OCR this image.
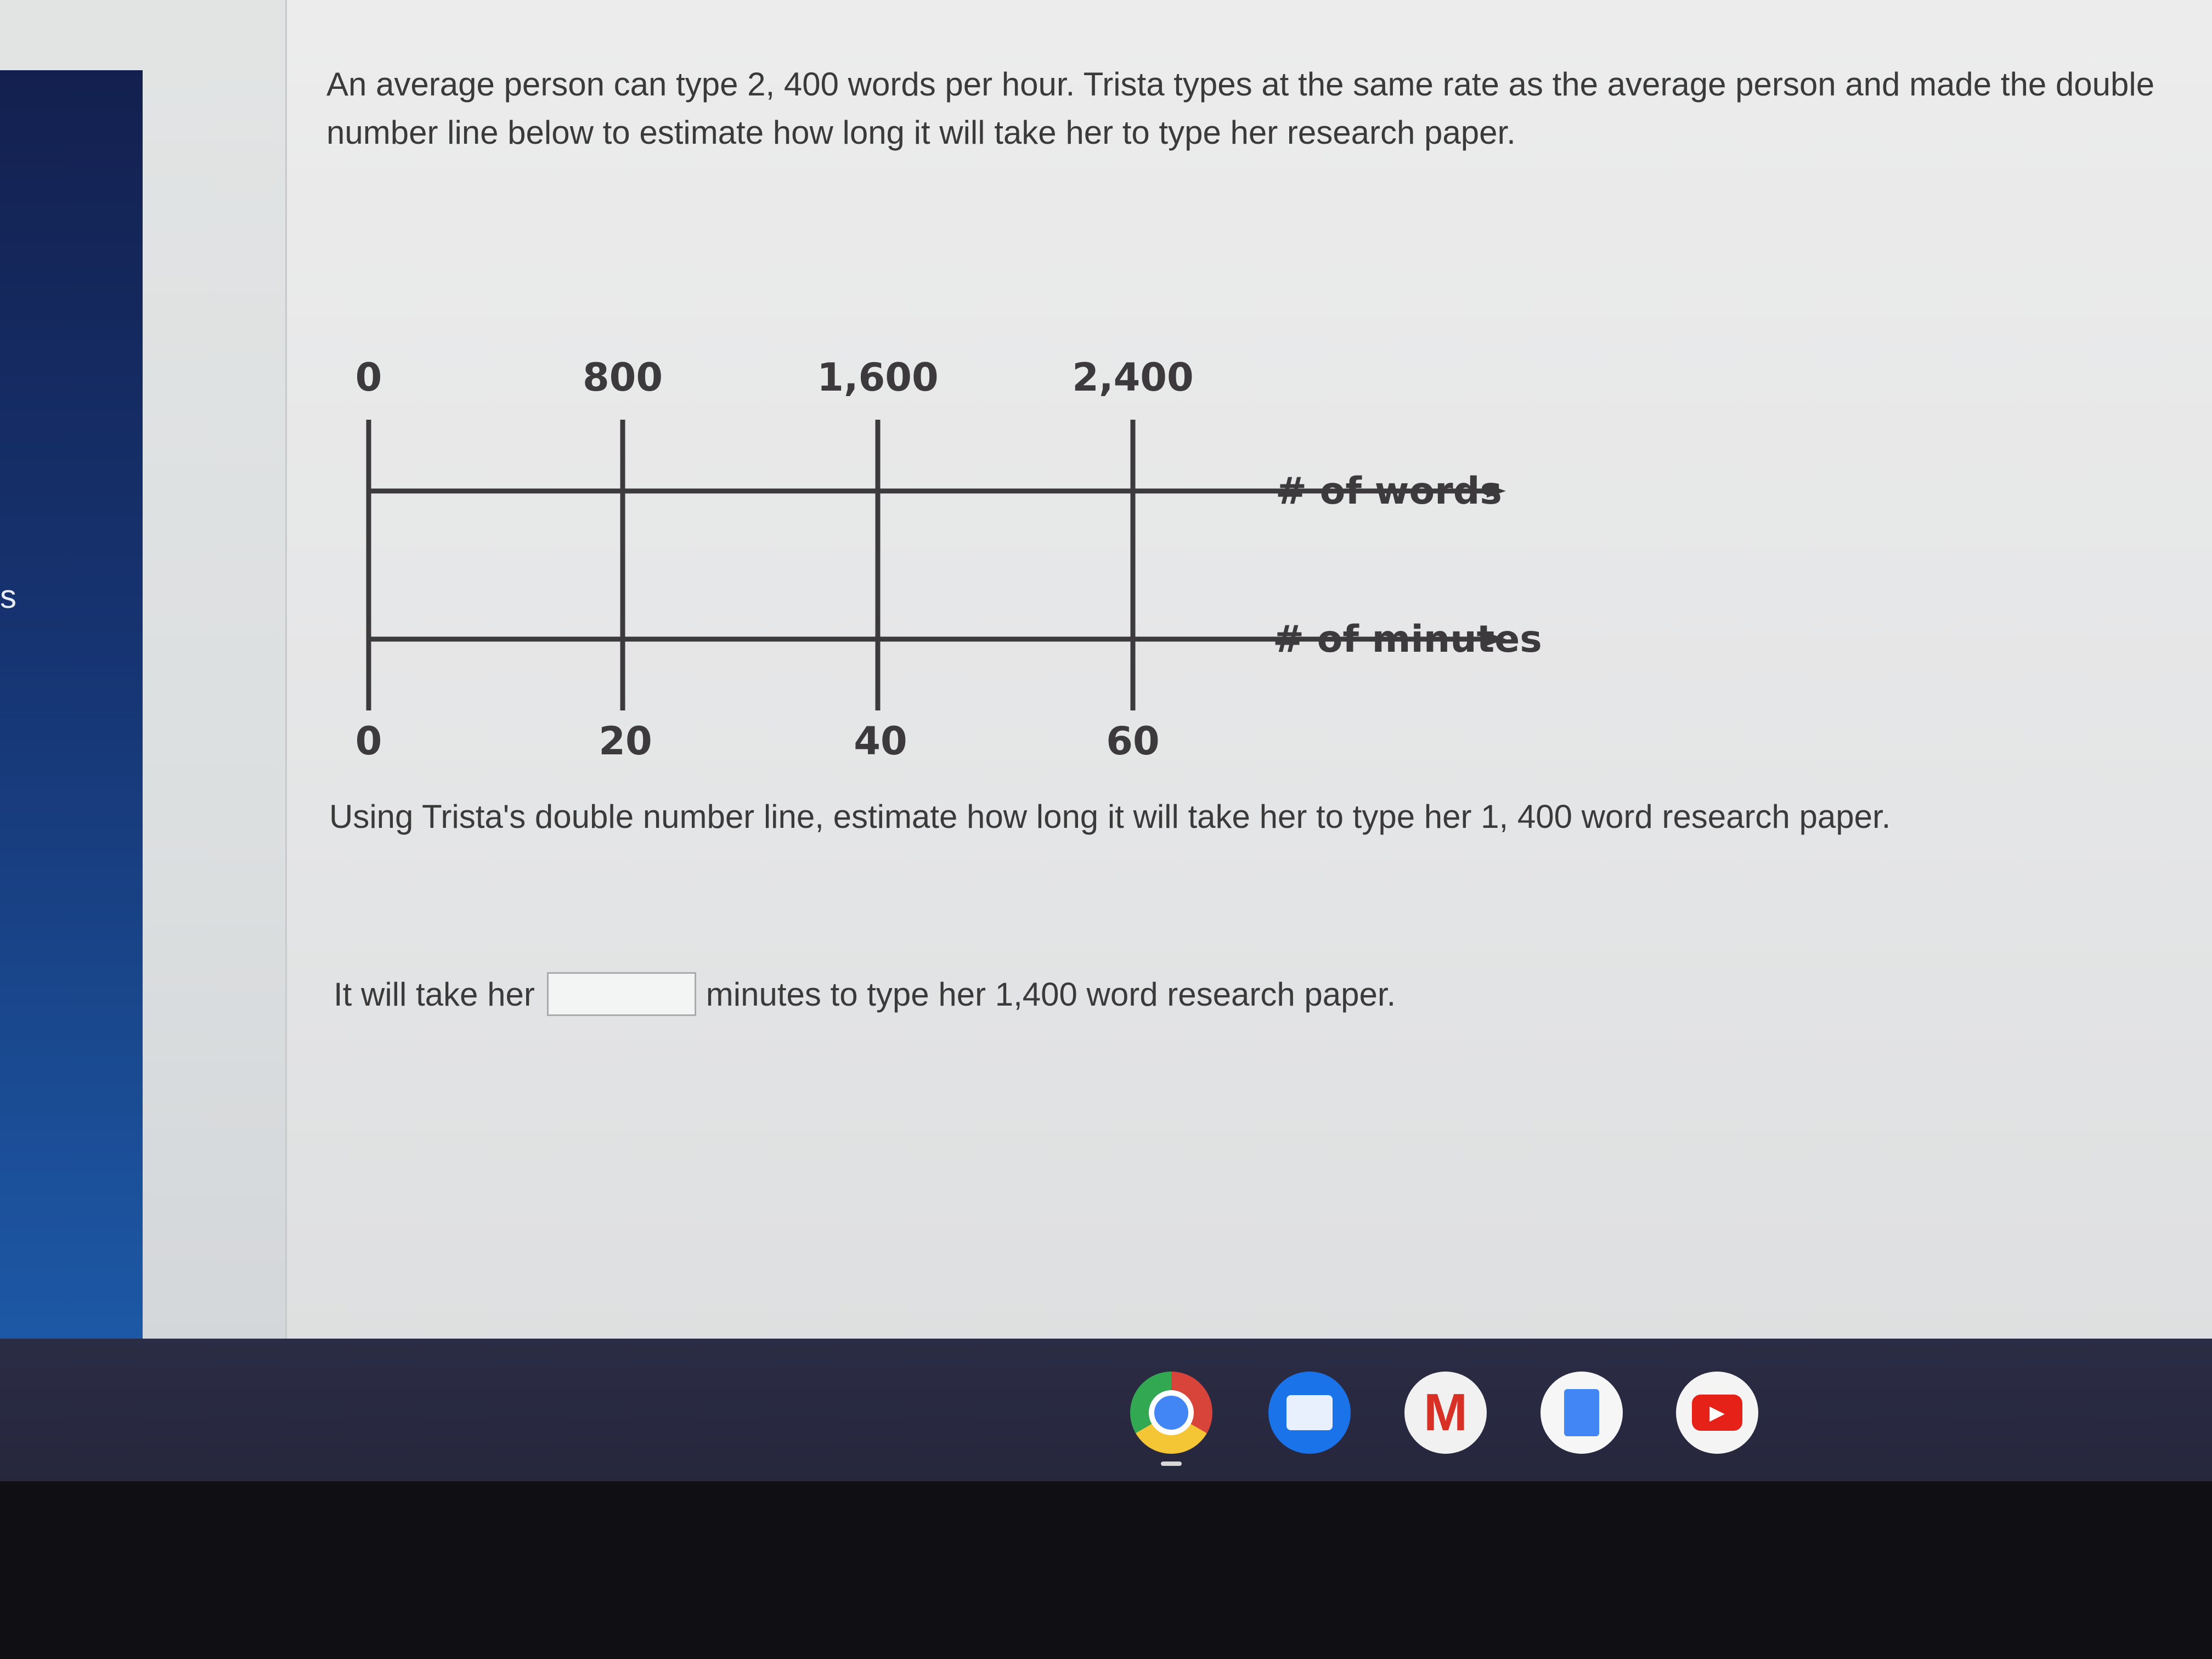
s
An average person can type 2, 400 words per hour. Trista types at the same rate as the average person and made the double number line below to estimate how long it will take her to type her research paper.
0	800	1,600	2,400
0	20	40	60
# of words
# of minutes
Using Trista's double number line, estimate how long it will take her to type her 1, 400 word research paper.
It will take her	minutes to type her 1,400 word research paper.
M	▶
